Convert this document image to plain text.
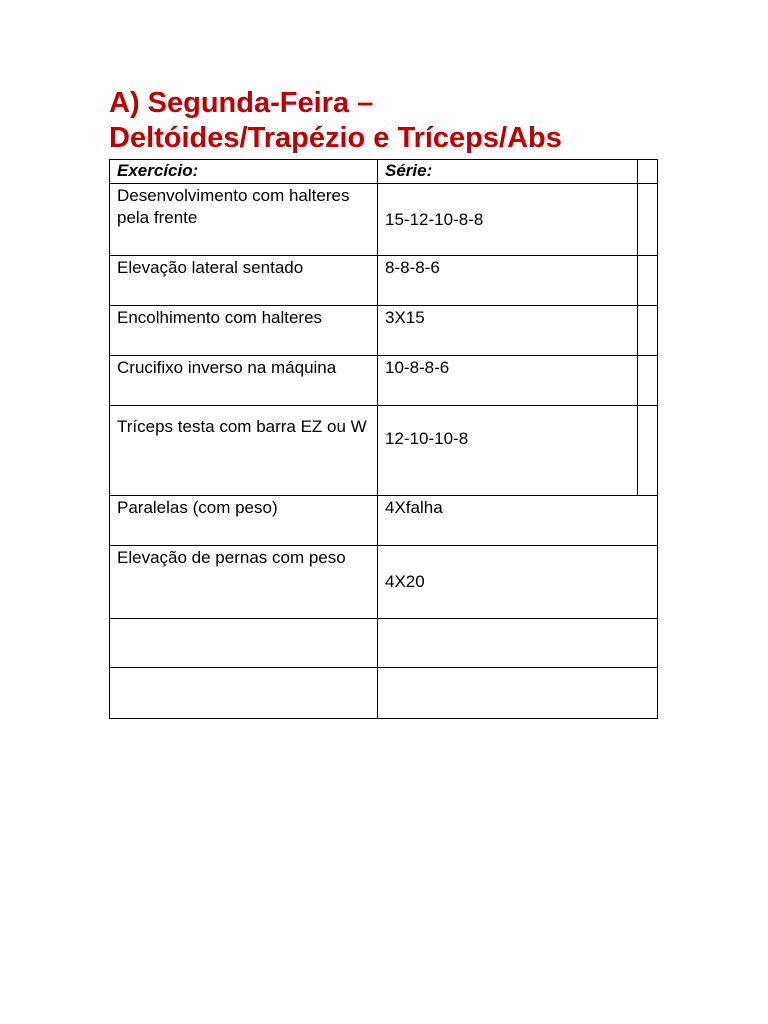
A) Segunda-Feira –
Deltóides/Trapézio e Tríceps/Abs
Exercício:	Série:	
Desenvolvimento com halteres pela frente	15-12-10-8-8	
Elevação lateral sentado	8-8-8-6	
Encolhimento com halteres	3X15	
Crucifixo inverso na máquina	10-8-8-6	
Tríceps testa com barra EZ ou W	12-10-10-8	
Paralelas (com peso)	4Xfalha	
Elevação de pernas com peso	4X20	
